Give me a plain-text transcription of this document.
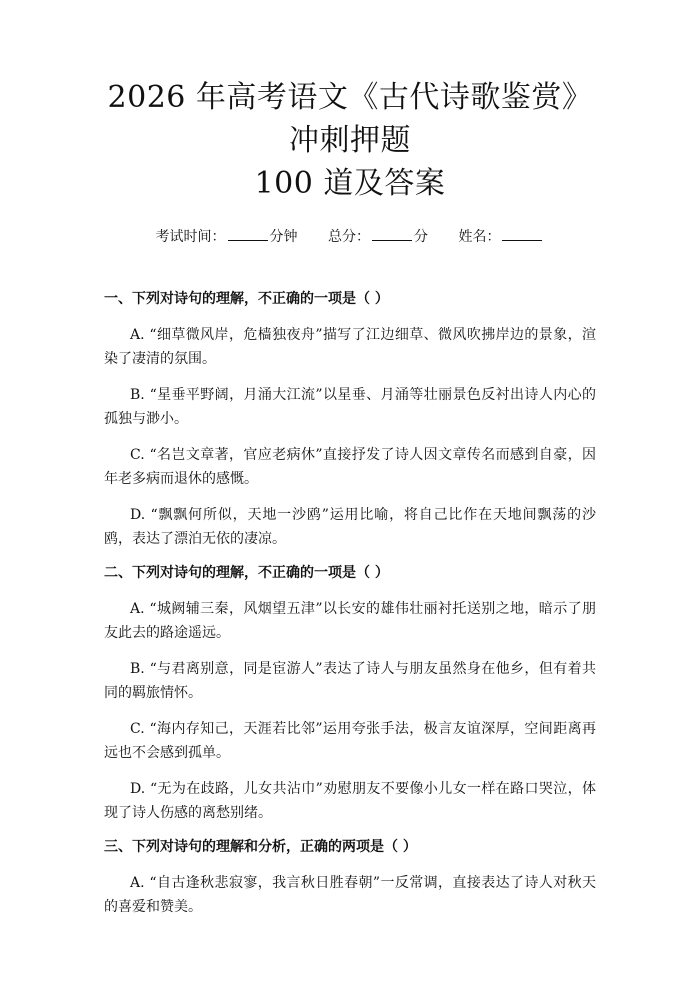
2026 年高考语文《古代诗歌鉴赏》冲刺押题
100 道及答案
考试时间：	分钟 总分：	分 姓名：
一、下列对诗句的理解，不正确的一项是（ ）

A. “细草微风岸，危樯独夜舟”描写了江边细草、微风吹拂岸边的景象，渲染了凄清的氛围。

B. “星垂平野阔，月涌大江流”以星垂、月涌等壮丽景色反衬出诗人内心的孤独与渺小。

C. “名岂文章著，官应老病休”直接抒发了诗人因文章传名而感到自豪，因年老多病而退休的感慨。

D. “飘飘何所似，天地一沙鸥”运用比喻，将自己比作在天地间飘荡的沙鸥，表达了漂泊无依的凄凉。

二、下列对诗句的理解，不正确的一项是（ ）

A. “城阙辅三秦，风烟望五津”以长安的雄伟壮丽衬托送别之地，暗示了朋友此去的路途遥远。

B. “与君离别意，同是宦游人”表达了诗人与朋友虽然身在他乡，但有着共同的羁旅情怀。

C. “海内存知己，天涯若比邻”运用夸张手法，极言友谊深厚，空间距离再远也不会感到孤单。

D. “无为在歧路，儿女共沾巾”劝慰朋友不要像小儿女一样在路口哭泣，体现了诗人伤感的离愁别绪。

三、下列对诗句的理解和分析，正确的两项是（ ）

A. “自古逢秋悲寂寥，我言秋日胜春朝”一反常调，直接表达了诗人对秋天的喜爱和赞美。
